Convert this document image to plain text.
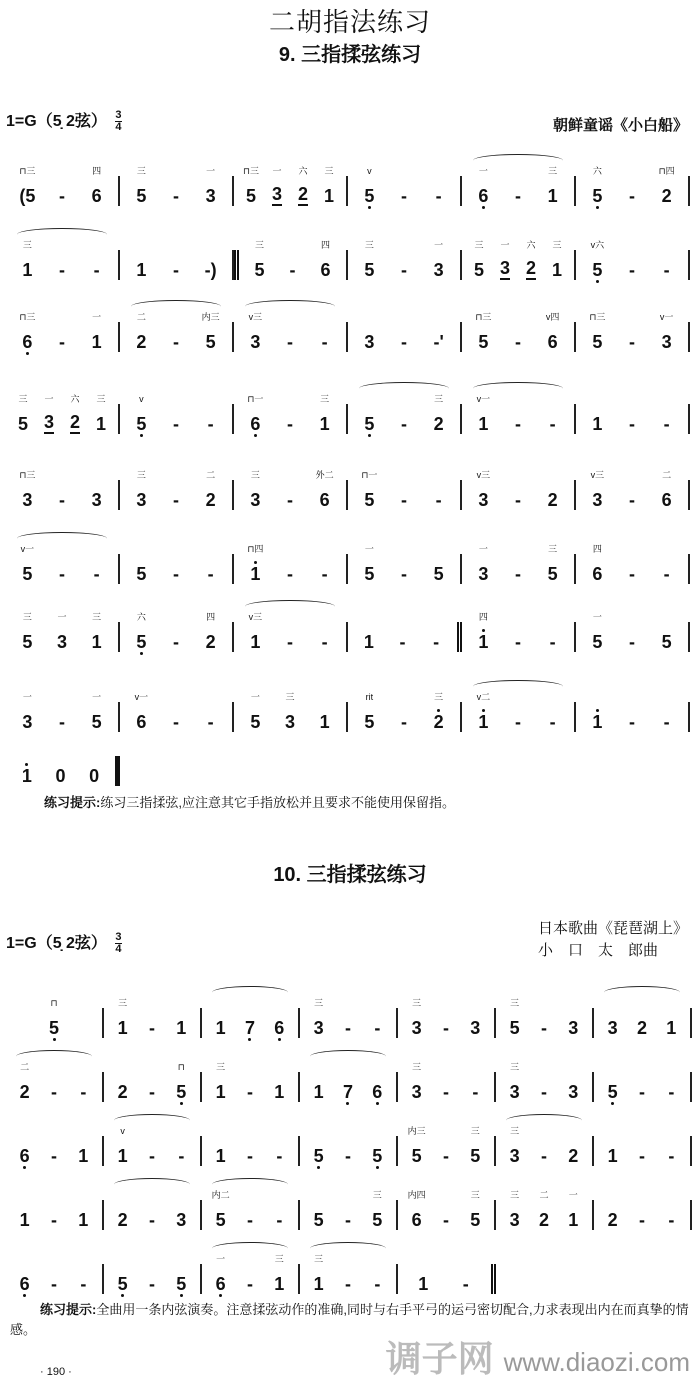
二胡指法练习
9. 三指揉弦练习
1=G（5̣ 2弦） $\frac{3}{4}$	朝鲜童谣《小白船》
⊓三
(5 -
四
6
三
5 -
一
3
⊓三
5
一
3
六
2
三
1
v
5 - -
一
6 -
三
1
六
5 -
⊓四
2
三
1 - - 1 - -)
三
5 -
四
6
三
5 -
一
3
三
5
一
3
六
2
三
1
v六
5 - -
⊓三
6 -
一
1
二
2 -
内三
5
v三
3 - - 3 - -'
⊓三
5 -
v四
6
⊓三
5 -
v一
3
三
5
一
3
六
2
三
1
v
5 - -
⊓一
6 -
三
1 5 -
三
2
v一
1 - - 1 - -
⊓三
3 - 3
三
3 -
二
2
三
3 -
外二
6
⊓一
5 - -
v三
3 - 2
v三
3 -
二
6
v一
5 - - 5 - -
⊓四
1 - -
一
5 - 5
一
3 -
三
5
四
6 - -
三
5
一
3
三
1
六
5 -
四
2
v三
1 - - 1 - -
四
1 - -
一
5 - 5
一
3 -
一
5
v一
6 - -
一
5
三
3 1
rit
5 -
三
2
v二
1 - - 1 - -
1 0 0
练习提示:练习三指揉弦,应注意其它手指放松并且要求不能使用保留指。
10. 三指揉弦练习
1=G（5̣ 2弦） $\frac{3}{4}$
日本歌曲《琵琶湖上》
小　口　太　郎曲
⊓
5
三
1 - 1 1 7 6
三
3 - -
三
3 - 3
三
5 - 3 3 2 1
二
2 - - 2 -
⊓
5
三
1 - 1 1 7 6
三
3 - -
三
3 - 3 5 - -
6 - 1
v
1 - - 1 - - 5 - 5
内三
5 -
三
5
三
3 - 2 1 - -
1 - 1 2 - 3
内二
5 - - 5 -
三
5
内四
6 -
三
5
三
3
二
2
一
1 2 - -
6 - - 5 - 5
一
6 -
三
1
三
1 - - 1 -
练习提示:全曲用一条内弦演奏。注意揉弦动作的准确,同时与右手平弓的运弓密切配合,力求表现出内在而真挚的情感。
· 190 ·	调子网 www.diaozi.com
